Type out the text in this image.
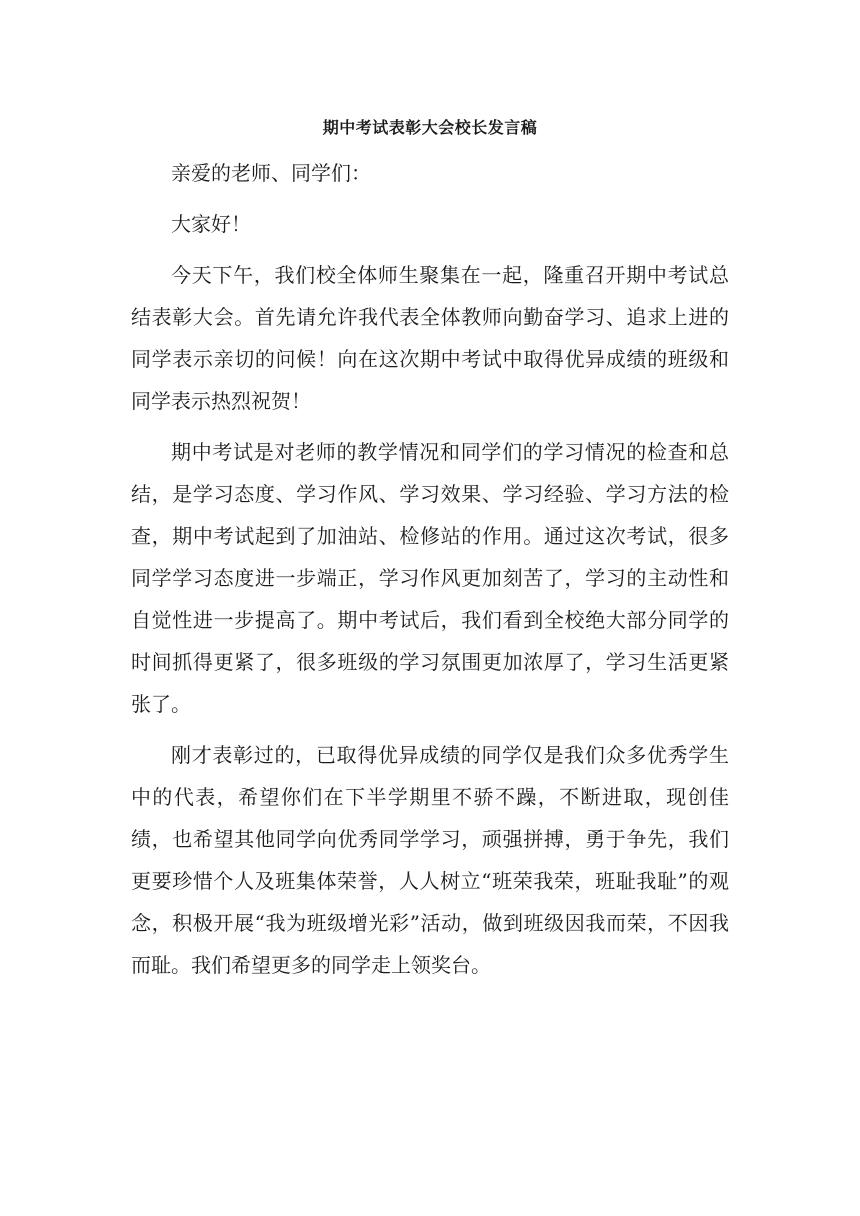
期中考试表彰大会校长发言稿

亲爱的老师、同学们：

大家好！

今天下午，我们校全体师生聚集在一起，隆重召开期中考试总结表彰大会。首先请允许我代表全体教师向勤奋学习、追求上进的同学表示亲切的问候！向在这次期中考试中取得优异成绩的班级和同学表示热烈祝贺！

期中考试是对老师的教学情况和同学们的学习情况的检查和总结，是学习态度、学习作风、学习效果、学习经验、学习方法的检查，期中考试起到了加油站、检修站的作用。通过这次考试，很多同学学习态度进一步端正，学习作风更加刻苦了，学习的主动性和自觉性进一步提高了。期中考试后，我们看到全校绝大部分同学的时间抓得更紧了，很多班级的学习氛围更加浓厚了，学习生活更紧张了。

刚才表彰过的，已取得优异成绩的同学仅是我们众多优秀学生中的代表，希望你们在下半学期里不骄不躁，不断进取，现创佳绩，也希望其他同学向优秀同学学习，顽强拼搏，勇于争先，我们更要珍惜个人及班集体荣誉，人人树立“班荣我荣，班耻我耻”的观念，积极开展“我为班级增光彩”活动，做到班级因我而荣，不因我而耻。我们希望更多的同学走上领奖台。
